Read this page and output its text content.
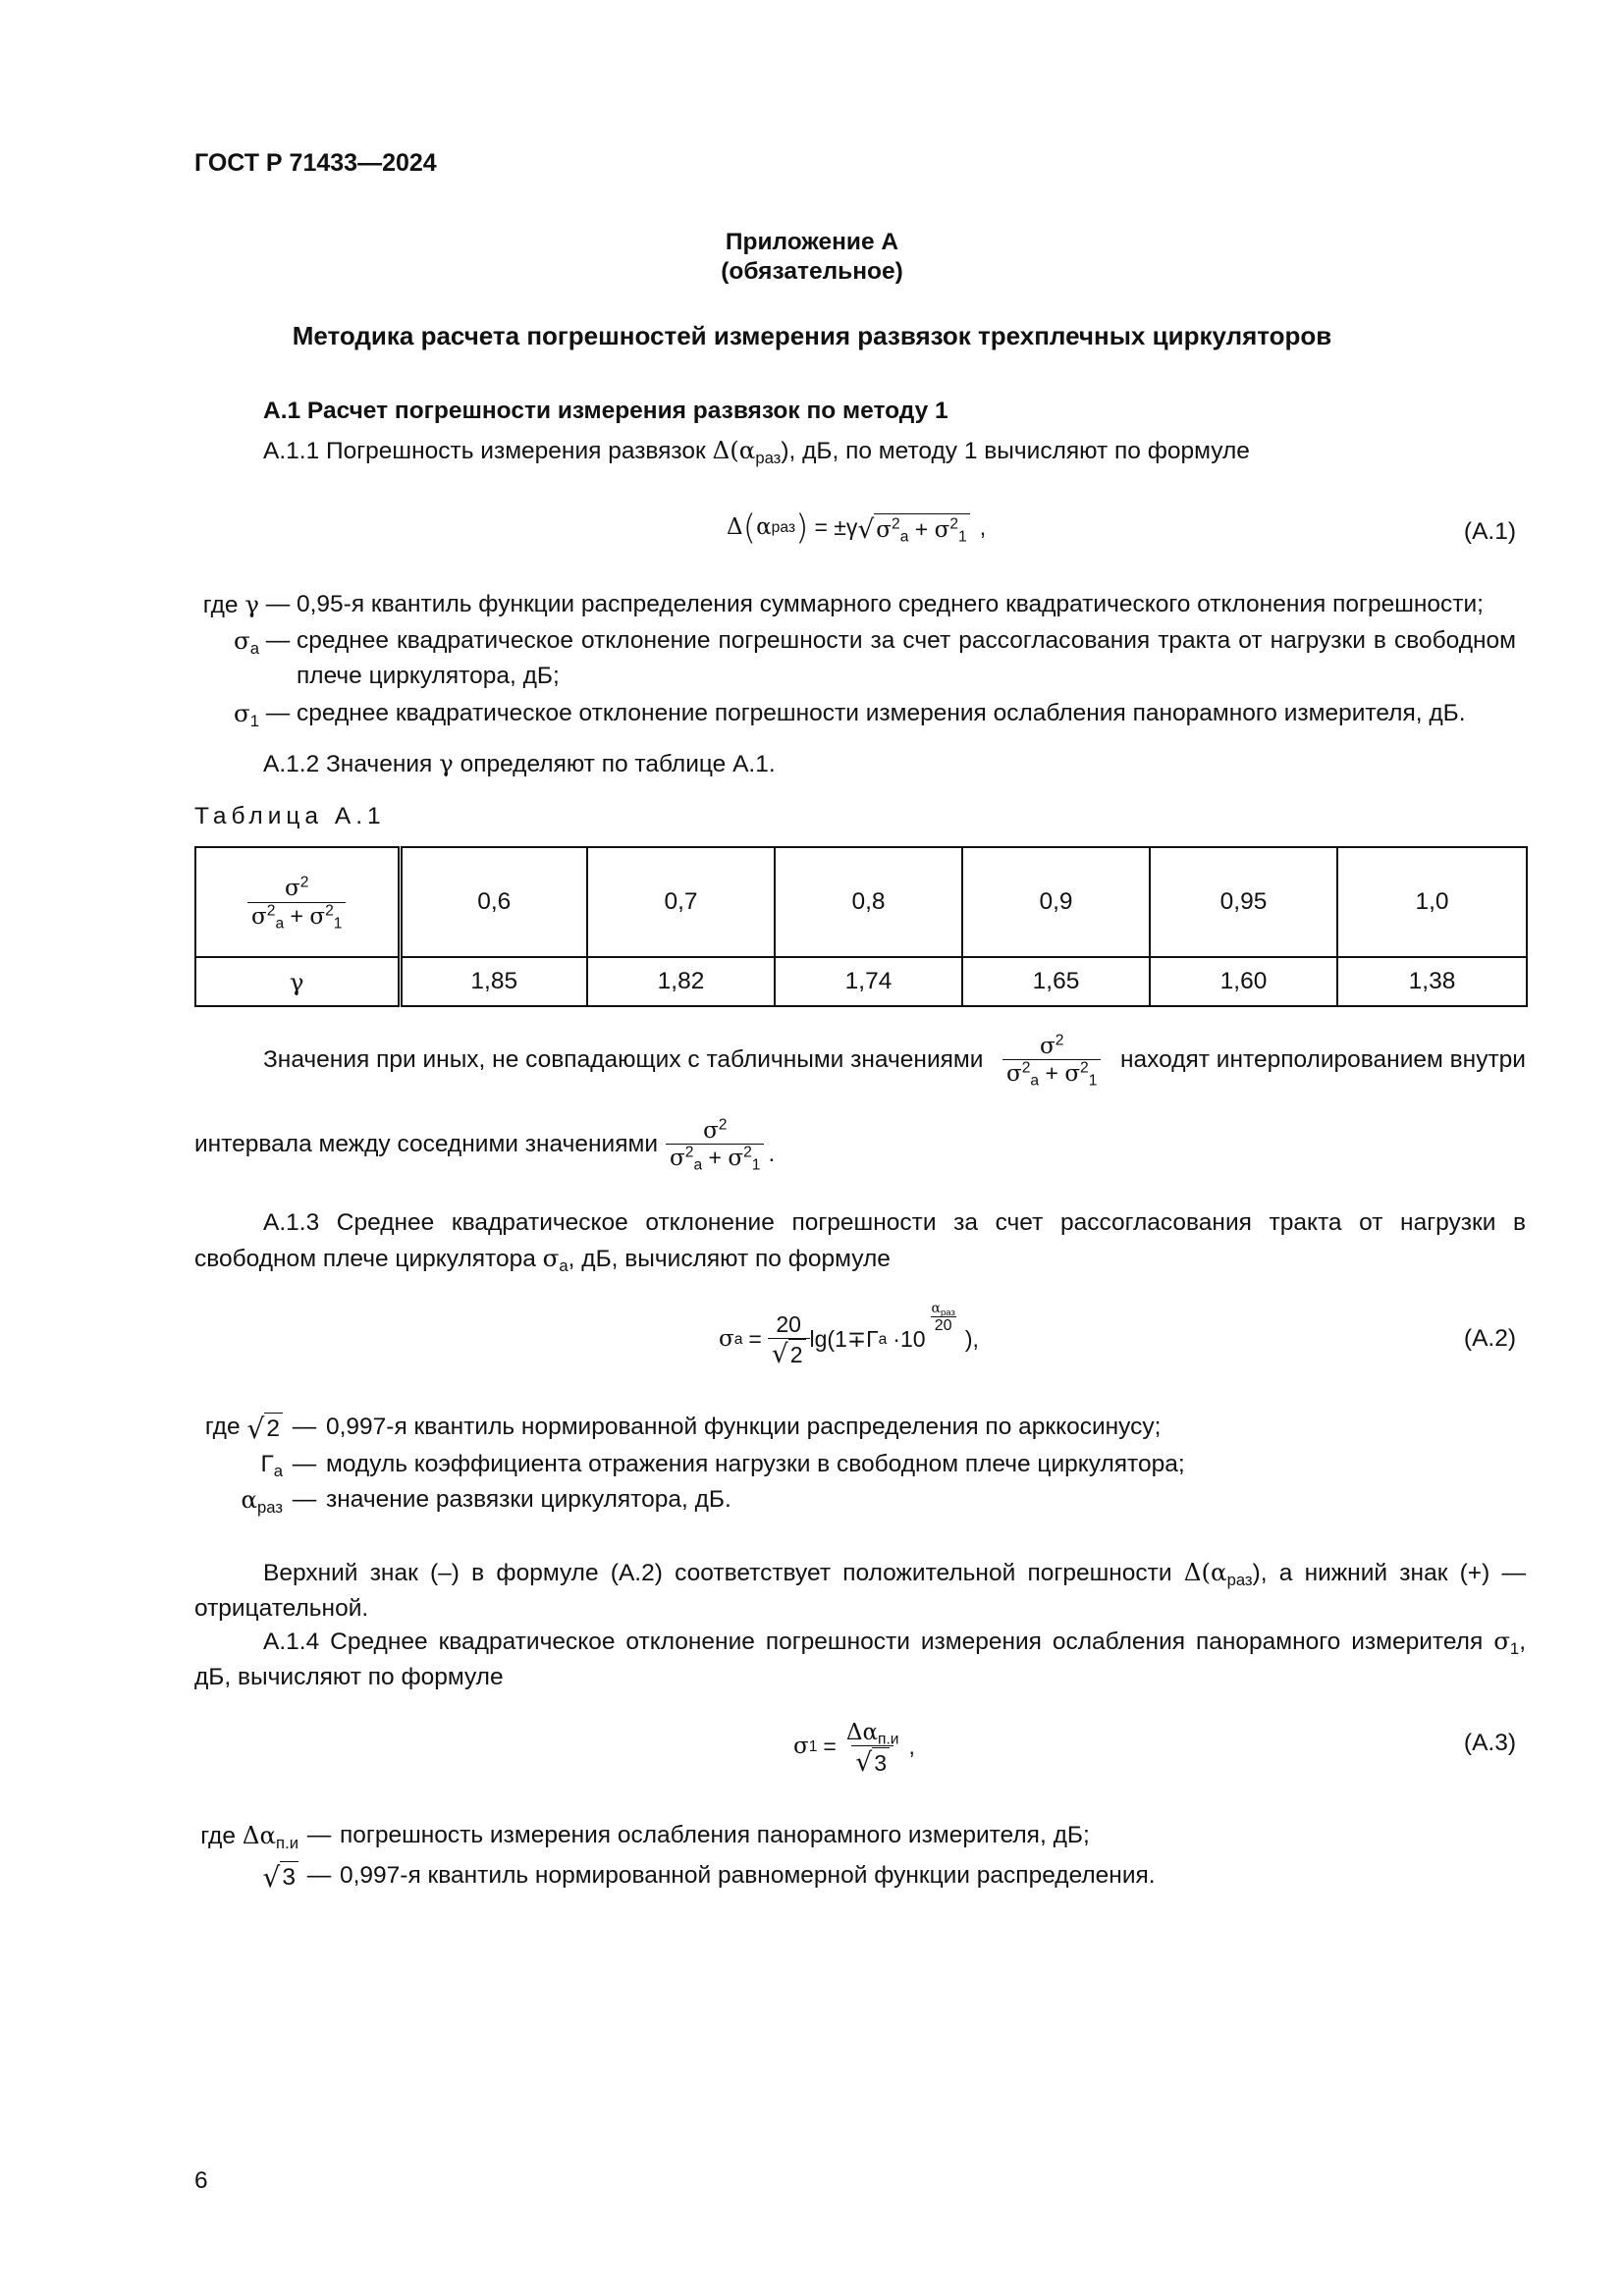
ГОСТ Р 71433—2024
Приложение А
(обязательное)
Методика расчета погрешностей измерения развязок трехплечных циркуляторов
А.1 Расчет погрешности измерения развязок по методу 1
А.1.1 Погрешность измерения развязок $\Delta(\alpha_{раз})$, дБ, по методу 1 вычисляют по формуле
Δ ( α раз ) = ±γ √ $\sigma^2_а + \sigma^2_1$ ,	(А.1)
где γ — 0,95-я квантиль функции распределения суммарного среднего квадратического отклонения погрешности;
$\sigma_а$ — среднее квадратическое отклонение погрешности за счет рассогласования тракта от нагрузки в свободном плече циркулятора, дБ;
$\sigma_1$ — среднее квадратическое отклонение погрешности измерения ослабления панорамного измерителя, дБ.
А.1.2 Значения γ определяют по таблице А.1.
Таблица А.1
$\frac{\sigma^2}{\sigma^2_а + \sigma^2_1}$	0,6	0,7	0,8	0,9	0,95	1,0
γ	1,85	1,82	1,74	1,65	1,60	1,38
Значения при иных, не совпадающих с табличными значениями $\frac{\sigma^2}{\sigma^2_а + \sigma^2_1}$ находят интерполированием внутри
интервала между соседними значениями $\frac{\sigma^2}{\sigma^2_а + \sigma^2_1}$ .
А.1.3 Среднее квадратическое отклонение погрешности за счет рассогласования тракта от нагрузки в свободном плече циркулятора $\sigma_а$, дБ, вычисляют по формуле
σ $а = \frac{20}{√ 2} \lg(1\mp Г$ а ·10
$\frac{\alpha_{раз}}{20}$
),	(А.2)
где √ 2 — 0,997-я квантиль нормированной функции распределения по арккосинусу;
$Г_а$ — модуль коэффициента отражения нагрузки в свободном плече циркулятора;
$\alpha_{раз}$ — значение развязки циркулятора, дБ.
Верхний знак (–) в формуле (А.2) соответствует положительной погрешности $\Delta(\alpha_{раз})$, а нижний знак (+) — отрицательной.
А.1.4 Среднее квадратическое отклонение погрешности измерения ослабления панорамного измерителя $\sigma_1$, дБ, вычисляют по формуле
σ $1 = \frac{\Delta\alpha_{п.и}}{√ 3}$ ,	(А.3)
где $\Delta\alpha_{п.и}$ — погрешность измерения ослабления панорамного измерителя, дБ;
√ 3 — 0,997-я квантиль нормированной равномерной функции распределения.
6
